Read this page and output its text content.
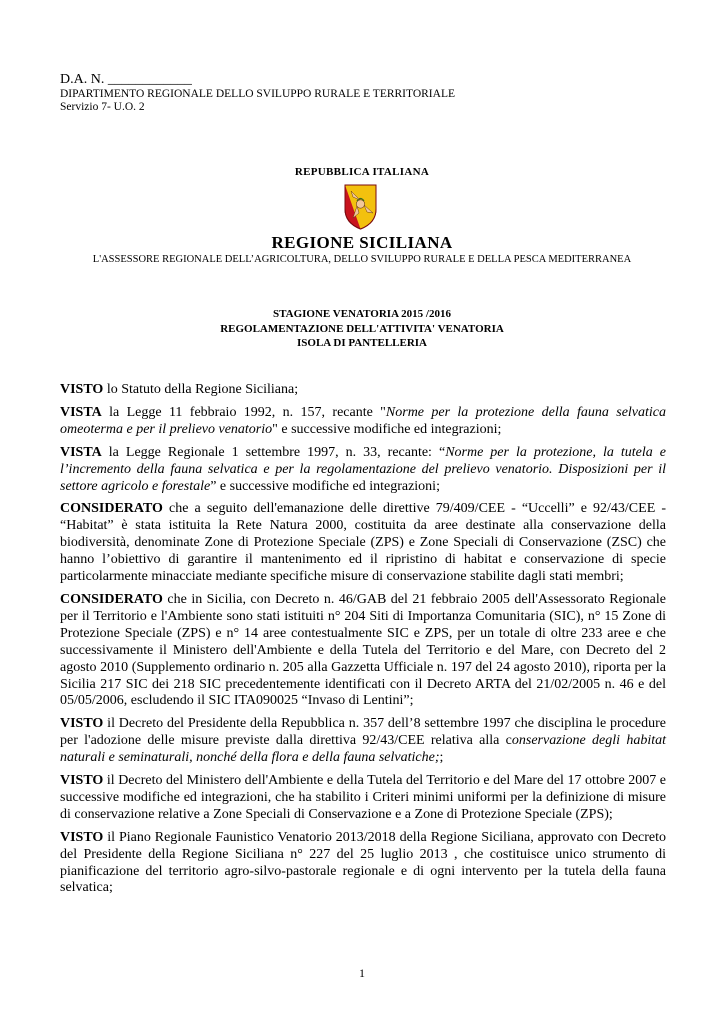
D.A. N. ____________
DIPARTIMENTO REGIONALE DELLO SVILUPPO RURALE E TERRITORIALE
Servizio 7- U.O. 2
REPUBBLICA ITALIANA
REGIONE SICILIANA
L'ASSESSORE REGIONALE DELL’AGRICOLTURA, DELLO SVILUPPO RURALE E DELLA PESCA MEDITERRANEA
STAGIONE VENATORIA 2015 /2016
REGOLAMENTAZIONE DELL'ATTIVITA' VENATORIA
ISOLA DI PANTELLERIA

VISTO lo Statuto della Regione Siciliana;

VISTA la Legge 11 febbraio 1992, n. 157, recante "Norme per la protezione della fauna selvatica omeoterma e per il prelievo venatorio" e successive modifiche ed integrazioni;

VISTA la Legge Regionale 1 settembre 1997, n. 33, recante: “Norme per la protezione, la tutela e l’incremento della fauna selvatica e per la regolamentazione del prelievo venatorio. Disposizioni per il settore agricolo e forestale” e successive modifiche ed integrazioni;

CONSIDERATO che a seguito dell'emanazione delle direttive 79/409/CEE - “Uccelli” e 92/43/CEE - “Habitat” è stata istituita la Rete Natura 2000, costituita da aree destinate alla conservazione della biodiversità, denominate Zone di Protezione Speciale (ZPS) e Zone Speciali di Conservazione (ZSC) che hanno l’obiettivo di garantire il mantenimento ed il ripristino di habitat e conservazione di specie particolarmente minacciate mediante specifiche misure di conservazione stabilite dagli stati membri;

CONSIDERATO che in Sicilia, con Decreto n. 46/GAB del 21 febbraio 2005 dell'Assessorato Regionale per il Territorio e l'Ambiente sono stati istituiti n° 204 Siti di Importanza Comunitaria (SIC), n° 15 Zone di Protezione Speciale (ZPS) e n° 14 aree contestualmente SIC e ZPS, per un totale di oltre 233 aree e che successivamente il Ministero dell'Ambiente e della Tutela del Territorio e del Mare, con Decreto del 2 agosto 2010 (Supplemento ordinario n. 205 alla Gazzetta Ufficiale n. 197 del 24 agosto 2010), riporta per la Sicilia 217 SIC dei 218 SIC precedentemente identificati con il Decreto ARTA del 21/02/2005 n. 46 e del 05/05/2006, escludendo il SIC ITA090025 “Invaso di Lentini”;

VISTO il Decreto del Presidente della Repubblica n. 357 dell’8 settembre 1997 che disciplina le procedure per l'adozione delle misure previste dalla direttiva 92/43/CEE relativa alla conservazione degli habitat naturali e seminaturali, nonché della flora e della fauna selvatiche;;

VISTO il Decreto del Ministero dell'Ambiente e della Tutela del Territorio e del Mare del 17 ottobre 2007 e successive modifiche ed integrazioni, che ha stabilito i Criteri minimi uniformi per la definizione di misure di conservazione relative a Zone Speciali di Conservazione e a Zone di Protezione Speciale (ZPS);

VISTO il Piano Regionale Faunistico Venatorio 2013/2018 della Regione Siciliana, approvato con Decreto del Presidente della Regione Siciliana n° 227 del 25 luglio 2013 , che costituisce unico strumento di pianificazione del territorio agro-silvo-pastorale regionale e di ogni intervento per la tutela della fauna selvatica;

1
